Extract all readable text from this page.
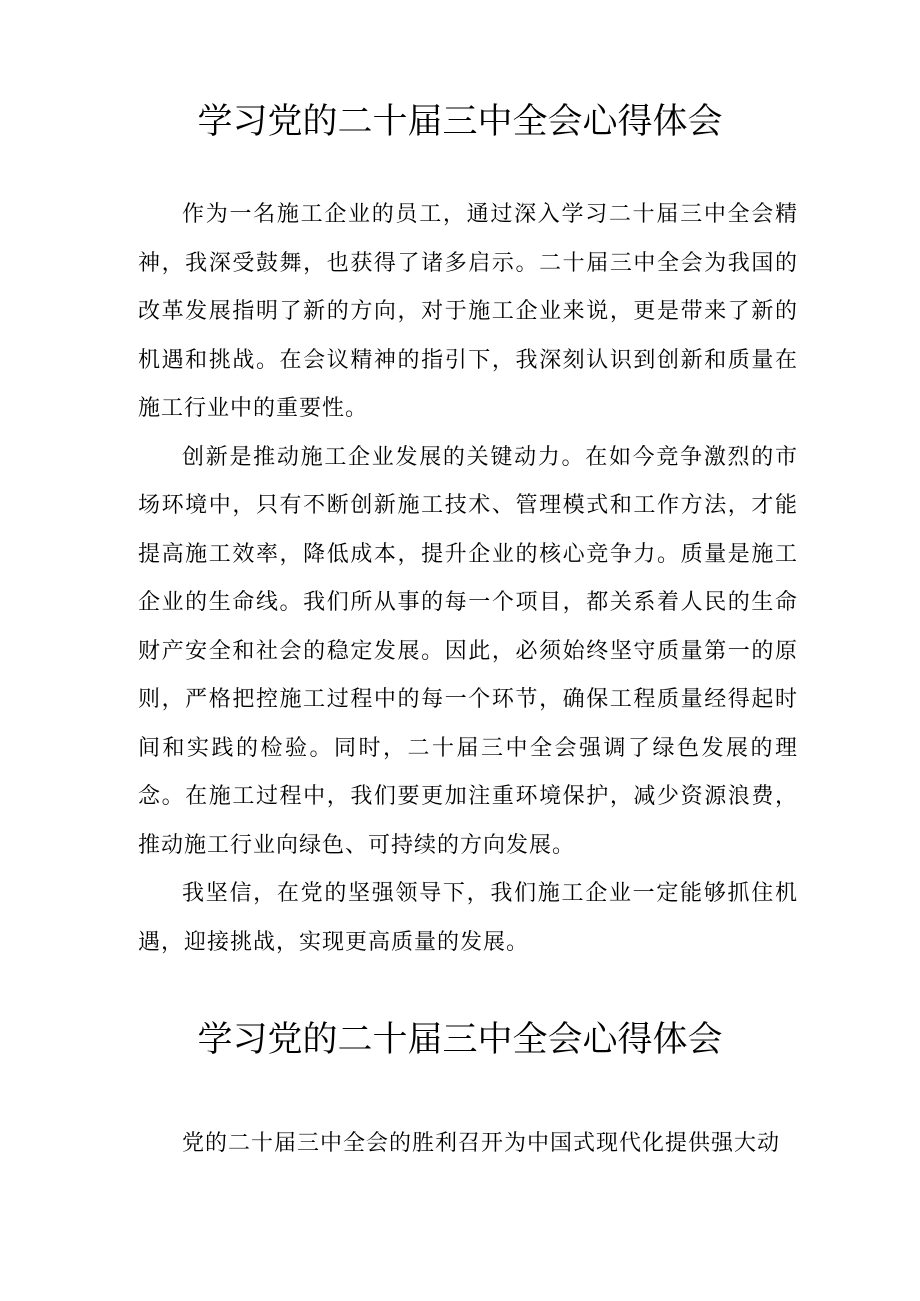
学习党的二十届三中全会心得体会

作为一名施工企业的员工，通过深入学习二十届三中全会精神，我深受鼓舞，也获得了诸多启示。二十届三中全会为我国的改革发展指明了新的方向，对于施工企业来说，更是带来了新的机遇和挑战。在会议精神的指引下，我深刻认识到创新和质量在施工行业中的重要性。

创新是推动施工企业发展的关键动力。在如今竞争激烈的市场环境中，只有不断创新施工技术、管理模式和工作方法，才能提高施工效率，降低成本，提升企业的核心竞争力。质量是施工企业的生命线。我们所从事的每一个项目，都关系着人民的生命财产安全和社会的稳定发展。因此，必须始终坚守质量第一的原则，严格把控施工过程中的每一个环节，确保工程质量经得起时间和实践的检验。同时，二十届三中全会强调了绿色发展的理念。在施工过程中，我们要更加注重环境保护，减少资源浪费，推动施工行业向绿色、可持续的方向发展。

我坚信，在党的坚强领导下，我们施工企业一定能够抓住机遇，迎接挑战，实现更高质量的发展。

学习党的二十届三中全会心得体会

党的二十届三中全会的胜利召开为中国式现代化提供强大动
